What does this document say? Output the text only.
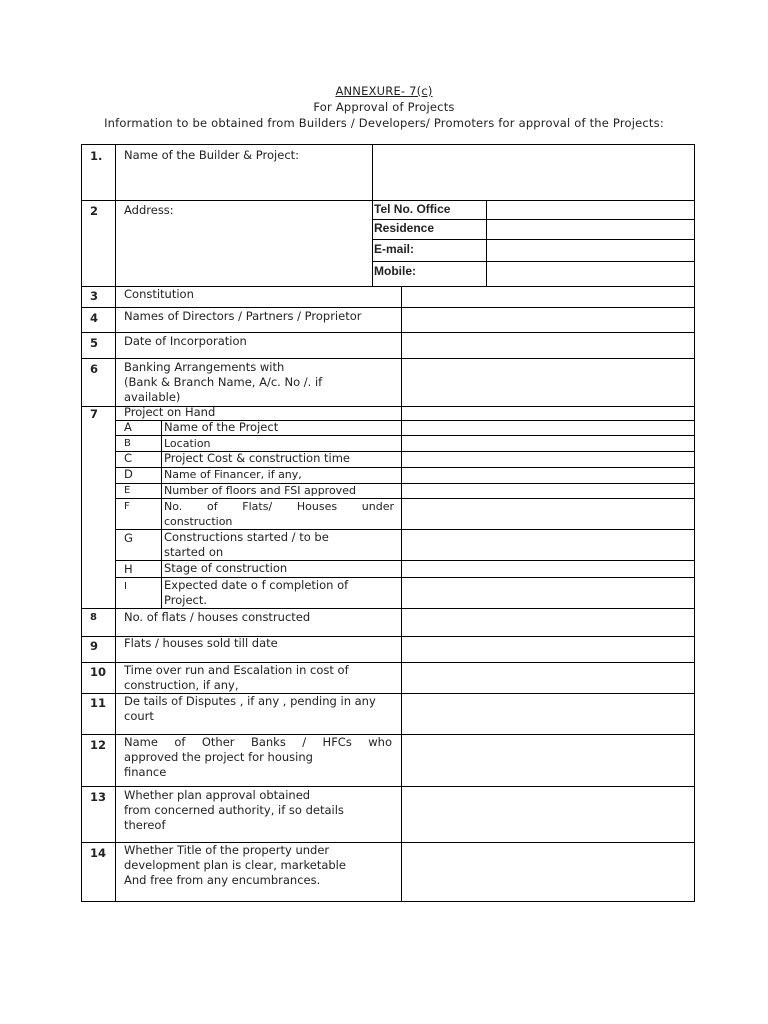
ANNEXURE- 7(c)
For Approval of Projects
Information to be obtained from Builders / Developers/ Promoters for approval of the Projects:
1. Name of the Builder & Project:
2 Address:	Tel No. Office
Residence
E-mail:
Mobile:
3 Constitution
4 Names of Directors / Partners / Proprietor
5 Date of Incorporation
6 Banking Arrangements with
(Bank & Branch Name, A/c. No /. if
available)
7 Project on Hand
A	Name of the Project
B	Location
C	Project Cost & construction time
D	Name of Financer, if any,
E	Number of floors and FSI approved
F	No. of Flats/ Houses under
construction
G	Constructions started / to be
started on
H	Stage of construction
I	Expected date o f completion of
Project.
8 No. of flats / houses constructed
9 Flats / houses sold till date
10 Time over run and Escalation in cost of
construction, if any,
11 De tails of Disputes , if any , pending in any
court
12 Name of Other Banks / HFCs who
approved the project for housing
finance
13 Whether plan approval obtained
from concerned authority, if so details
thereof
14 Whether Title of the property under
development plan is clear, marketable
And free from any encumbrances.
